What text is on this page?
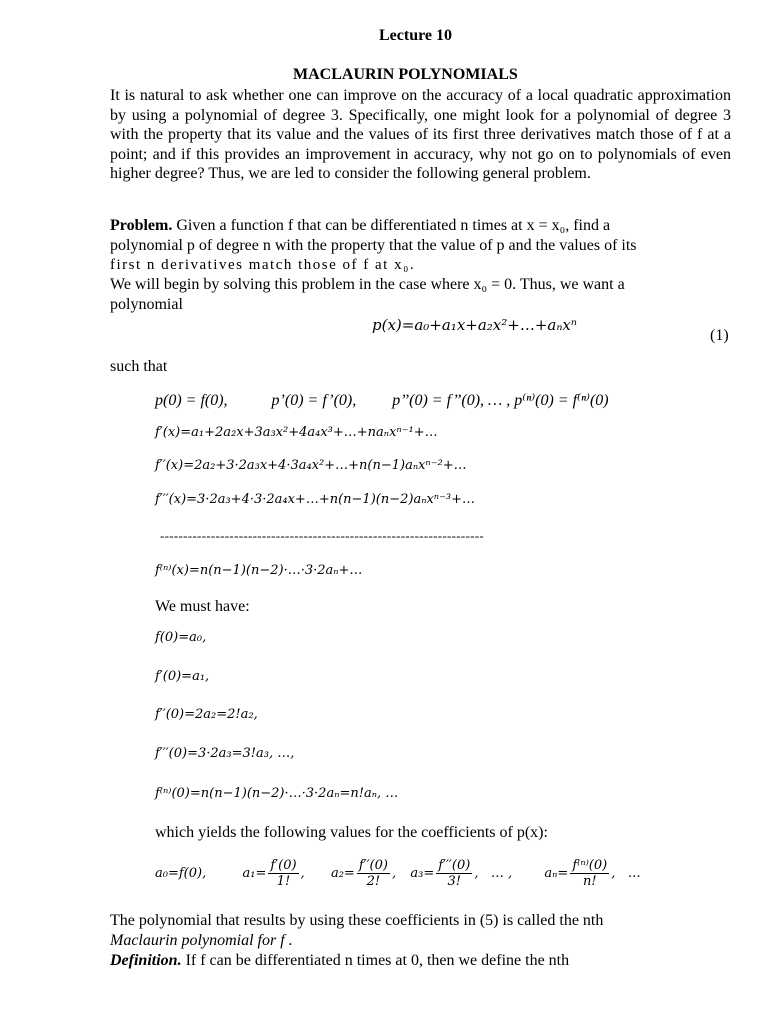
Lecture 10
MACLAURIN POLYNOMIALS
It is natural to ask whether one can improve on the accuracy of a local quadratic approximation by using a polynomial of degree 3. Specifically, one might look for a polynomial of degree 3 with the property that its value and the values of its first three derivatives match those of f at a point; and if this provides an improvement in accuracy, why not go on to polynomials of even higher degree? Thus, we are led to consider the following general problem.
Problem. Given a function f that can be differentiated n times at x = x₀, find a
polynomial p of degree n with the property that the value of p and the values of its
first n derivatives match those of f at x₀.
We will begin by solving this problem in the case where x₀ = 0. Thus, we want a
polynomial
p(x)=a₀+a₁x+a₂x²+…+aₙxⁿ
(1)
such that
p(0) = f(0),           p’(0) = f’(0),         p’’(0) = f’’(0), … , p⁽ⁿ⁾(0) = f⁽ⁿ⁾(0)
f′(x)=a₁+2a₂x+3a₃x²+4a₄x³+…+naₙxⁿ⁻¹+…
f′′(x)=2a₂+3·2a₃x+4·3a₄x²+…+n(n−1)aₙxⁿ⁻²+…
f′′′(x)=3·2a₃+4·3·2a₄x+…+n(n−1)(n−2)aₙxⁿ⁻³+…
----------------------------------------------------------------------
f⁽ⁿ⁾(x)=n(n−1)(n−2)·…·3·2aₙ+…
We must have:
f(0)=a₀,
f′(0)=a₁,
f′′(0)=2a₂=2!a₂,
f′′′(0)=3·2a₃=3!a₃, …,
f⁽ⁿ⁾(0)=n(n−1)(n−2)·…·3·2aₙ=n!aₙ, …
which yields the following values for the coefficients of p(x):
a₀=f(0),	$a_1= \frac{f'(0)}{1!}$ ,  $a_2= \frac{f''(0)}{2!}$ ,  $a_3= \frac{f'''(0)}{3!}$ ,   … , $a_n= \frac{\text{f⁽ⁿ⁾(0)}}{n!}$ ,   …
The polynomial that results by using these coefficients in (5) is called the nth
Maclaurin polynomial for f .
Definition. If f can be differentiated n times at 0, then we define the nth
